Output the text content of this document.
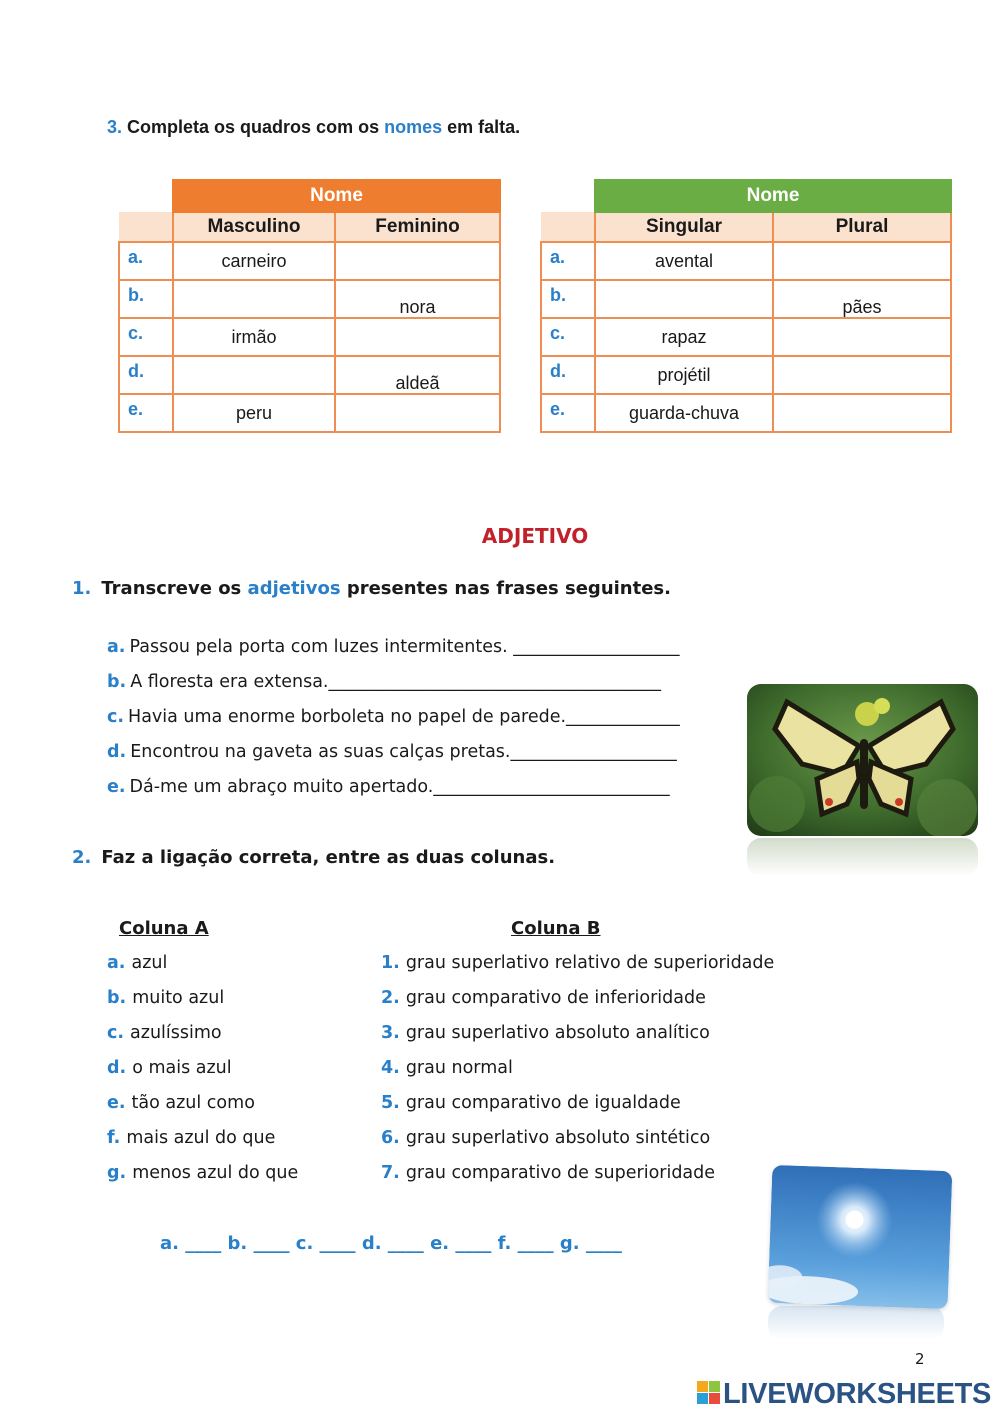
3. Completa os quadros com os nomes em falta.
	Nome	
	Masculino	Feminino
a.	carneiro	
b.		nora
c.	irmão	
d.		aldeã
e.	peru	
	Nome	
	Singular	Plural
a.	avental	
b.		pães
c.	rapaz	
d.	projétil	
e.	guarda-chuva	
ADJETIVO
1. Transcreve os adjetivos presentes nas frases seguintes.
a. Passou pela porta com luzes intermitentes. ___________________
b. A floresta era extensa.______________________________________
c. Havia uma enorme borboleta no papel de parede._____________
d. Encontrou na gaveta as suas calças pretas.___________________
e. Dá-me um abraço muito apertado.___________________________
2. Faz a ligação correta, entre as duas colunas.
Coluna A	Coluna B
a. azul
b. muito azul
c. azulíssimo
d. o mais azul
e. tão azul como
f. mais azul do que
g. menos azul do que
1. grau superlativo relativo de superioridade
2. grau comparativo de inferioridade
3. grau superlativo absoluto analítico
4. grau normal
5. grau comparativo de igualdade
6. grau superlativo absoluto sintético
7. grau comparativo de superioridade
a. ____ b. ____ c. ____ d. ____ e. ____ f. ____ g. ____
2
LIVEWORKSHEETS
